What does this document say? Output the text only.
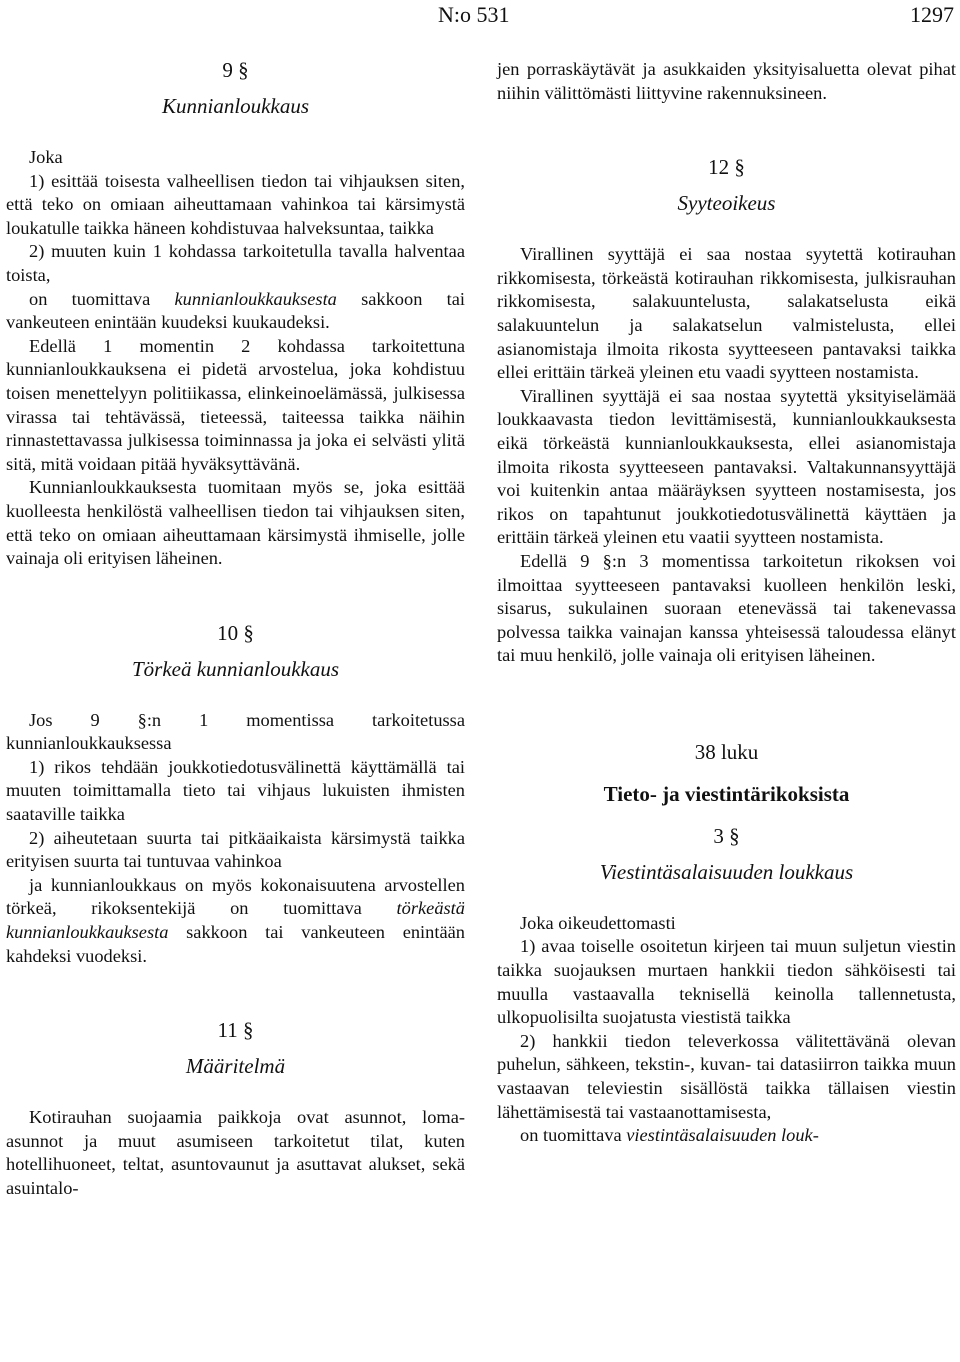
N:o 531	1297
9 §
Kunnianloukkaus

Joka

1) esittää toisesta valheellisen tiedon tai vihjauksen siten, että teko on omiaan aiheuttamaan vahinkoa tai kärsimystä loukatulle taikka häneen kohdistuvaa halveksuntaa, taikka

2) muuten kuin 1 kohdassa tarkoitetulla tavalla halventaa toista,

on tuomittava kunnianloukkauksesta sakkoon tai vankeuteen enintään kuudeksi kuukaudeksi.

Edellä 1 momentin 2 kohdassa tarkoitettuna kunnianloukkauksena ei pidetä arvostelua, joka kohdistuu toisen menettelyyn politiikassa, elinkeinoelämässä, julkisessa virassa tai tehtävässä, tieteessä, taiteessa taikka näihin rinnastettavassa julkisessa toiminnassa ja joka ei selvästi ylitä sitä, mitä voidaan pitää hyväksyttävänä.

Kunnianloukkauksesta tuomitaan myös se, joka esittää kuolleesta henkilöstä valheellisen tiedon tai vihjauksen siten, että teko on omiaan aiheuttamaan kärsimystä ihmiselle, jolle vainaja oli erityisen läheinen.

10 §
Törkeä kunnianloukkaus

Jos 9 §:n 1 momentissa tarkoitetussa kunnianloukkauksessa

1) rikos tehdään joukkotiedotusvälinettä käyttämällä tai muuten toimittamalla tieto tai vihjaus lukuisten ihmisten saataville taikka

2) aiheutetaan suurta tai pitkäaikaista kärsimystä taikka erityisen suurta tai tuntuvaa vahinkoa

ja kunnianloukkaus on myös kokonaisuutena arvostellen törkeä, rikoksentekijä on tuomittava törkeästä kunnianloukkauksesta sakkoon tai vankeuteen enintään kahdeksi vuodeksi.

11 §
Määritelmä

Kotirauhan suojaamia paikkoja ovat asunnot, loma-asunnot ja muut asumiseen tarkoitetut tilat, kuten hotellihuoneet, teltat, asuntovaunut ja asuttavat alukset, sekä asuintalo-

jen porraskäytävät ja asukkaiden yksityisaluetta olevat pihat niihin välittömästi liittyvine rakennuksineen.

12 §
Syyteoikeus

Virallinen syyttäjä ei saa nostaa syytettä kotirauhan rikkomisesta, törkeästä kotirauhan rikkomisesta, julkisrauhan rikkomisesta, salakuuntelusta, salakatselusta eikä salakuuntelun ja salakatselun valmistelusta, ellei asianomistaja ilmoita rikosta syytteeseen pantavaksi taikka ellei erittäin tärkeä yleinen etu vaadi syytteen nostamista.

Virallinen syyttäjä ei saa nostaa syytettä yksityiselämää loukkaavasta tiedon levittämisestä, kunnianloukkauksesta eikä törkeästä kunnianloukkauksesta, ellei asianomistaja ilmoita rikosta syytteeseen pantavaksi. Valtakunnansyyttäjä voi kuitenkin antaa määräyksen syytteen nostamisesta, jos rikos on tapahtunut joukkotiedotusvälinettä käyttäen ja erittäin tärkeä yleinen etu vaatii syytteen nostamista.

Edellä 9 §:n 3 momentissa tarkoitetun rikoksen voi ilmoittaa syytteeseen pantavaksi kuolleen henkilön leski, sisarus, sukulainen suoraan etenevässä tai takenevassa polvessa taikka vainajan kanssa yhteisessä taloudessa elänyt tai muu henkilö, jolle vainaja oli erityisen läheinen.

38 luku
Tieto- ja viestintärikoksista
3 §
Viestintäsalaisuuden loukkaus

Joka oikeudettomasti

1) avaa toiselle osoitetun kirjeen tai muun suljetun viestin taikka suojauksen murtaen hankkii tiedon sähköisesti tai muulla vastaavalla teknisellä keinolla tallennetusta, ulkopuolisilta suojatusta viestistä taikka

2) hankkii tiedon televerkossa välitettävänä olevan puhelun, sähkeen, tekstin-, kuvan- tai datasiirron taikka muun vastaavan televiestin sisällöstä taikka tällaisen viestin lähettämisestä tai vastaanottamisesta,

on tuomittava viestintäsalaisuuden louk-
